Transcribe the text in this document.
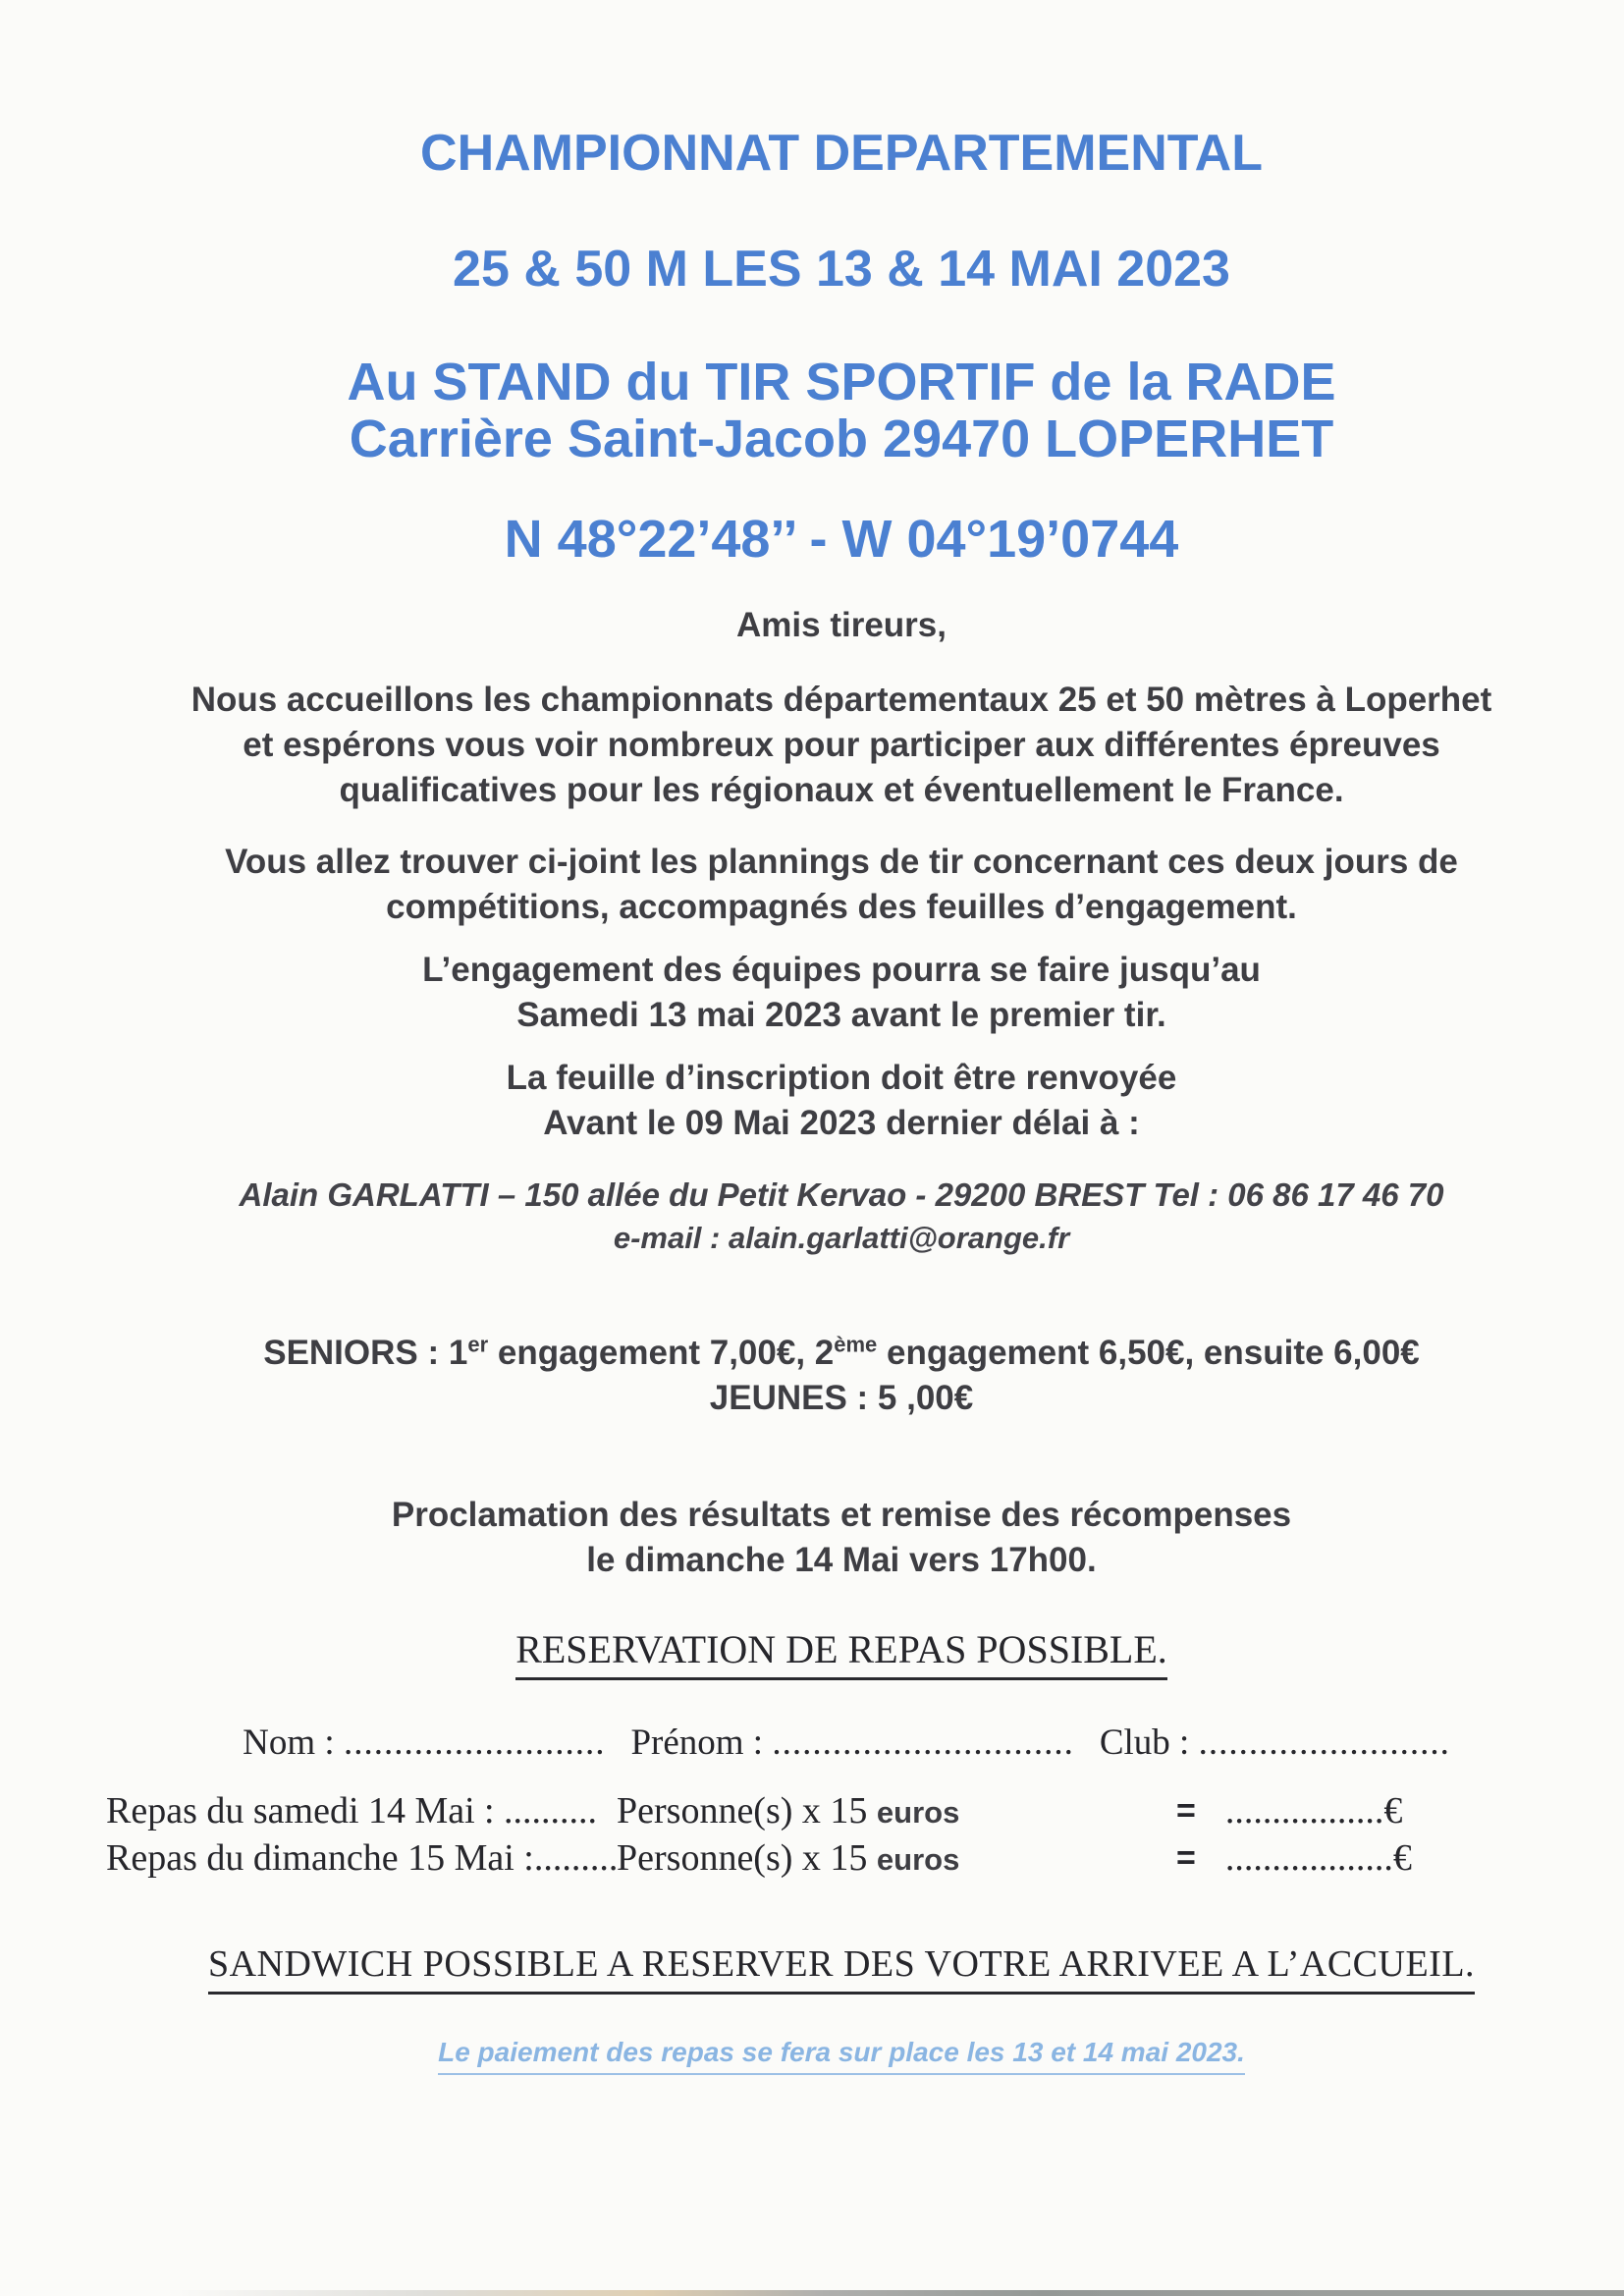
CHAMPIONNAT DEPARTEMENTAL
25 & 50 M LES 13 & 14 MAI 2023
Au STAND du TIR SPORTIF de la RADE
Carrière Saint-Jacob 29470 LOPERHET
N 48°22’48’’ - W 04°19’0744
Amis tireurs,
Nous accueillons les championnats départementaux 25 et 50 mètres à Loperhet
et espérons vous voir nombreux pour participer aux différentes épreuves
qualificatives pour les régionaux et éventuellement le France.
Vous allez trouver ci-joint les plannings de tir concernant ces deux jours de
compétitions, accompagnés des feuilles d’engagement.
L’engagement des équipes pourra se faire jusqu’au
Samedi 13 mai 2023 avant le premier tir.
La feuille d’inscription doit être renvoyée
Avant le 09 Mai 2023 dernier délai à :
Alain GARLATTI – 150 allée du Petit Kervao - 29200 BREST Tel : 06 86 17 46 70
e-mail : alain.garlatti@orange.fr
SENIORS : 1er engagement 7,00€, 2ème engagement 6,50€, ensuite 6,00€
JEUNES : 5 ,00€
Proclamation des résultats et remise des récompenses
le dimanche 14 Mai vers 17h00.
RESERVATION DE REPAS POSSIBLE.
Nom : .......................... Prénom : .............................. Club : .........................
Repas du samedi 14 Mai : .......... Personne(s) x 15 euros	= .................€
Repas du dimanche 15 Mai : .........
Personne(s) x 15 euros	= ..................€
SANDWICH POSSIBLE A RESERVER DES VOTRE ARRIVEE A L’ACCUEIL.
Le paiement des repas se fera sur place les 13 et 14 mai 2023.
